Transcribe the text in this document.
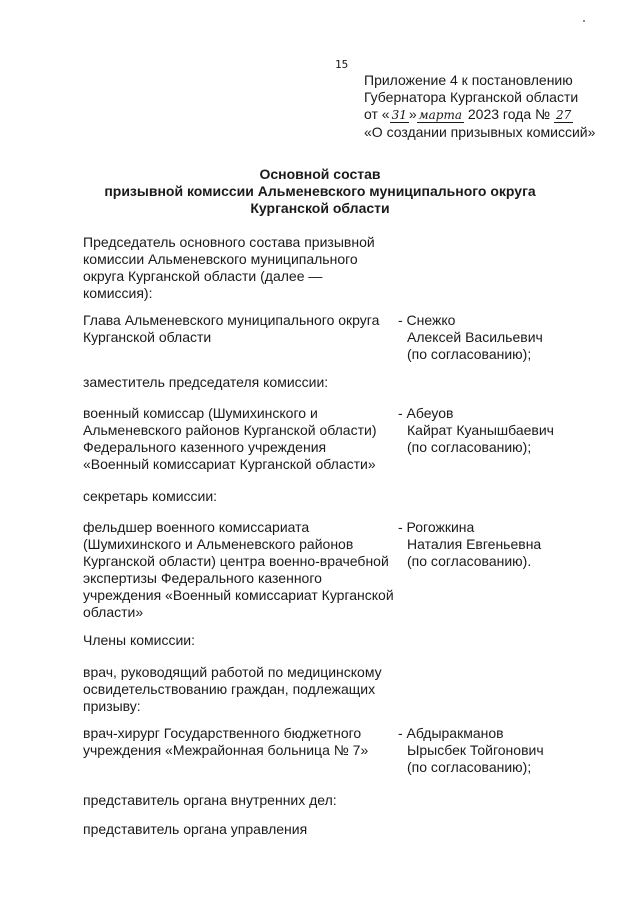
15
Приложение 4 к постановлению
Губернатора Курганской области
от « 31 » марта 2023 года № 27
«О создании призывных комиссий»
Основной состав
призывной комиссии Альменевского муниципального округа
Курганской области
Председатель основного состава призывной
комиссии Альменевского муниципального
округа Курганской области (далее —
комиссия):
Глава Альменевского муниципального округа
Курганской области
- Снежко
Алексей Васильевич
(по согласованию);
заместитель председателя комиссии:
военный комиссар (Шумихинского и
Альменевского районов Курганской области)
Федерального казенного учреждения
«Военный комиссариат Курганской области»
- Абеуов
Кайрат Куанышбаевич
(по согласованию);
секретарь комиссии:
фельдшер военного комиссариата
(Шумихинского и Альменевского районов
Курганской области) центра военно-врачебной
экспертизы Федерального казенного
учреждения «Военный комиссариат Курганской
области»
- Рогожкина
Наталия Евгеньевна
(по согласованию).
Члены комиссии:
врач, руководящий работой по медицинскому
освидетельствованию граждан, подлежащих
призыву:
врач-хирург Государственного бюджетного
учреждения «Межрайонная больница № 7»
- Абдыракманов
Ырысбек Тойгонович
(по согласованию);
представитель органа внутренних дел:
представитель органа управления
